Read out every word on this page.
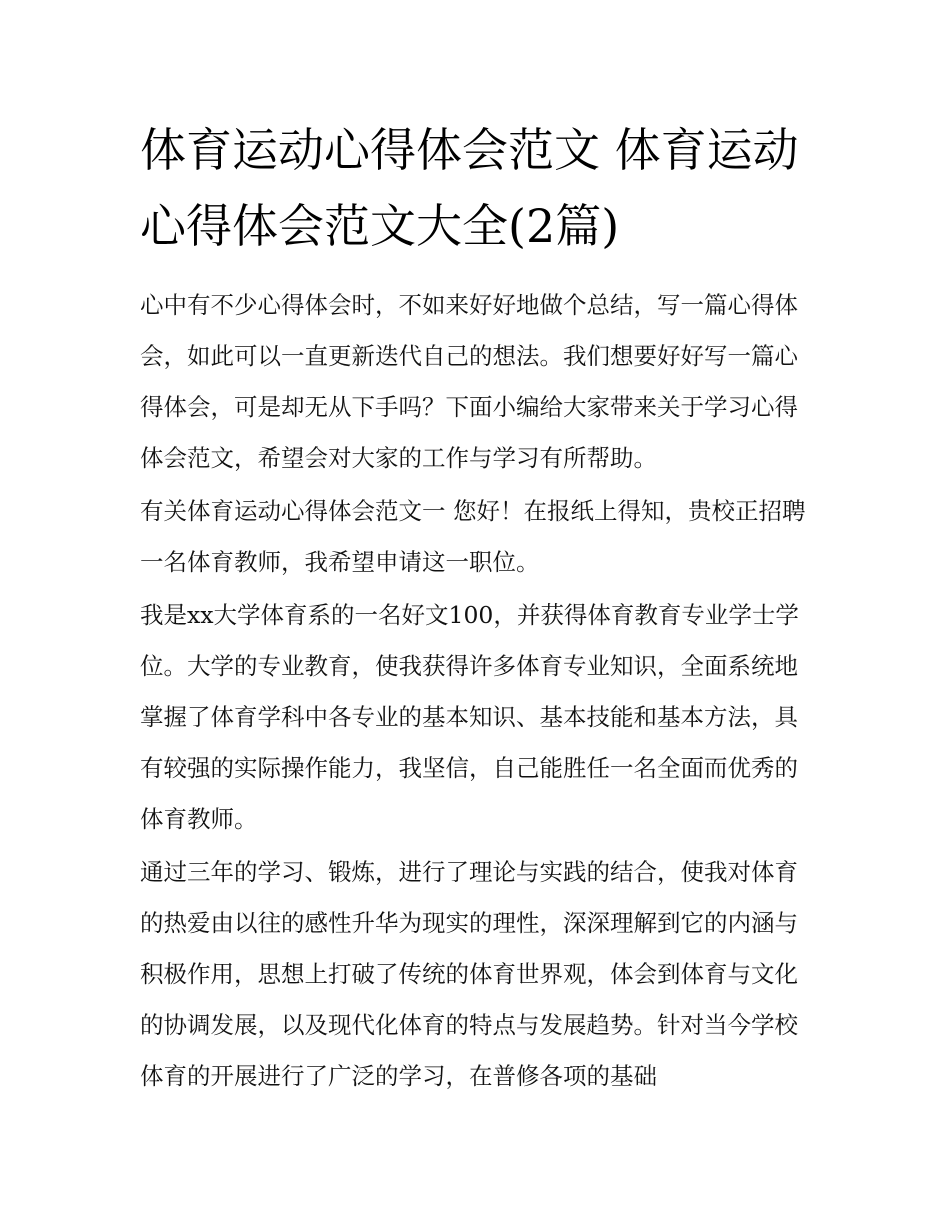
体育运动心得体会范文 体育运动心得体会范文大全(2篇)

心中有不少心得体会时，不如来好好地做个总结，写一篇心得体会，如此可以一直更新迭代自己的想法。我们想要好好写一篇心得体会，可是却无从下手吗？下面小编给大家带来关于学习心得体会范文，希望会对大家的工作与学习有所帮助。

有关体育运动心得体会范文一 您好！在报纸上得知，贵校正招聘一名体育教师，我希望申请这一职位。

我是xx大学体育系的一名好文100，并获得体育教育专业学士学位。大学的专业教育，使我获得许多体育专业知识，全面系统地掌握了体育学科中各专业的基本知识、基本技能和基本方法，具有较强的实际操作能力，我坚信，自己能胜任一名全面而优秀的体育教师。

通过三年的学习、锻炼，进行了理论与实践的结合，使我对体育的热爱由以往的感性升华为现实的理性，深深理解到它的内涵与积极作用，思想上打破了传统的体育世界观，体会到体育与文化的协调发展，以及现代化体育的特点与发展趋势。针对当今学校体育的开展进行了广泛的学习，在普修各项的基础
